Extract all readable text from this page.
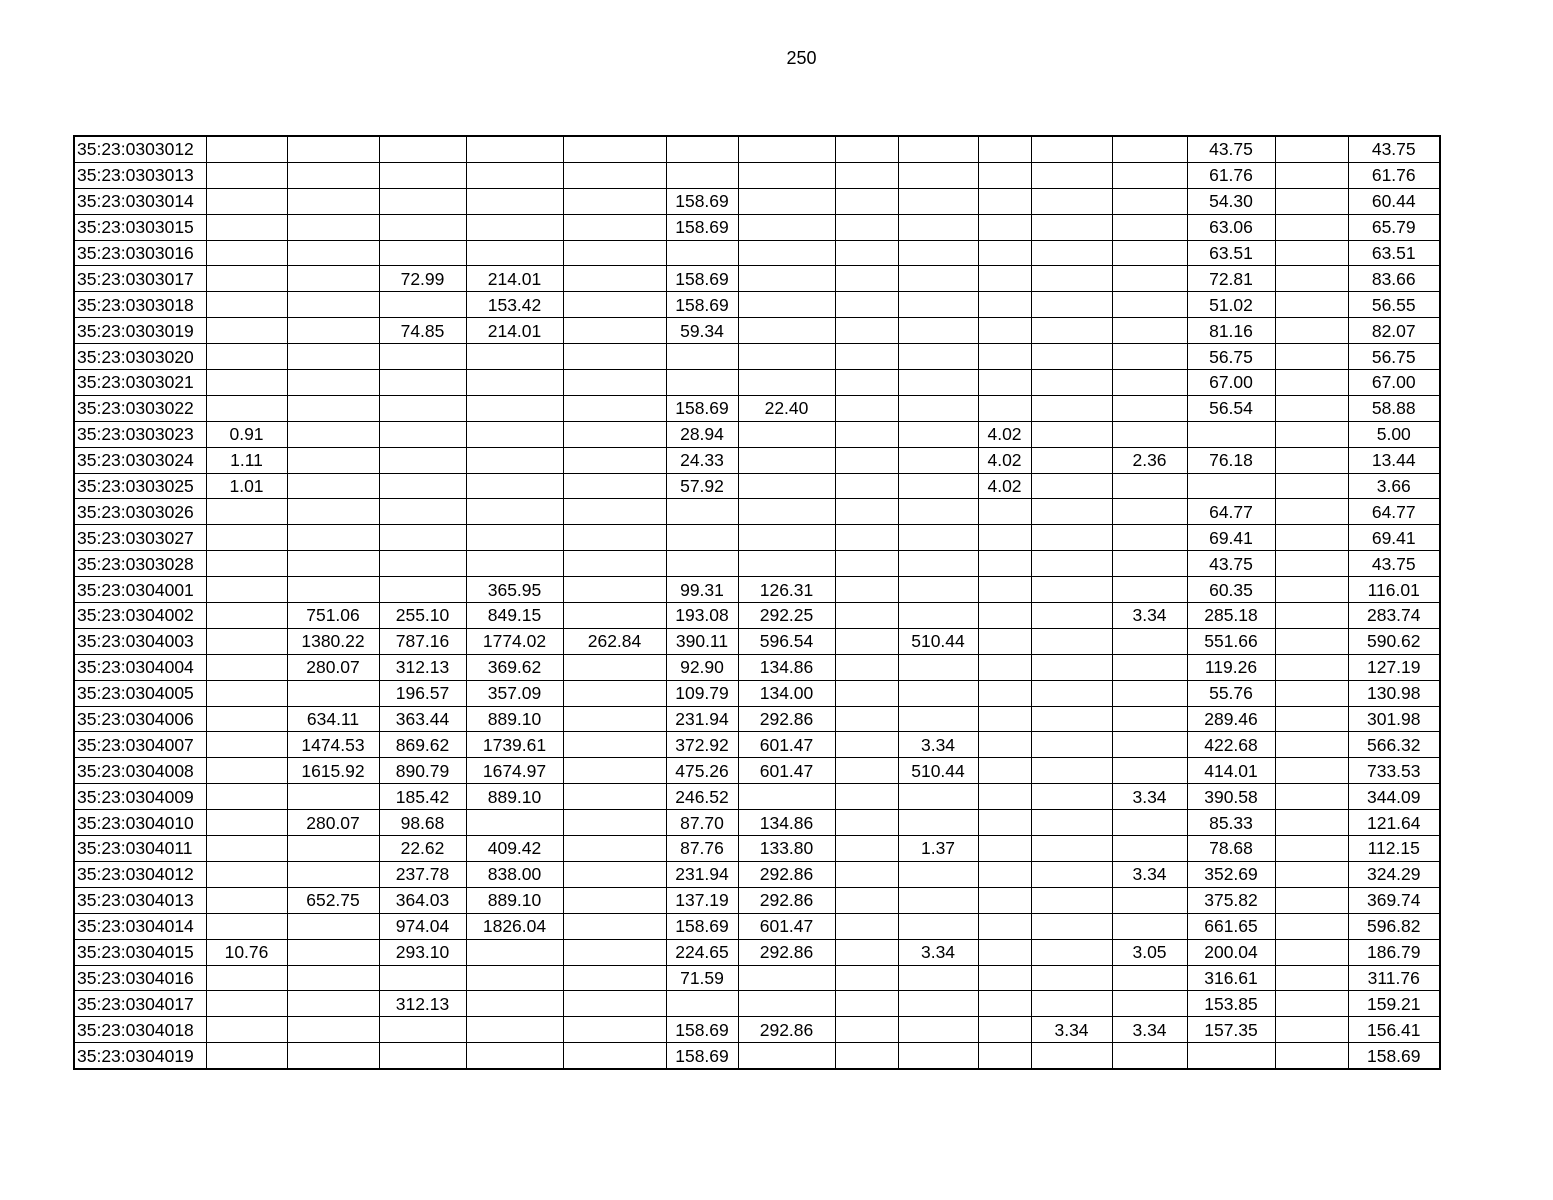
250
35:23:0303012													43.75		43.75
35:23:0303013													61.76		61.76
35:23:0303014						158.69							54.30		60.44
35:23:0303015						158.69							63.06		65.79
35:23:0303016													63.51		63.51
35:23:0303017			72.99	214.01		158.69							72.81		83.66
35:23:0303018				153.42		158.69							51.02		56.55
35:23:0303019			74.85	214.01		59.34							81.16		82.07
35:23:0303020													56.75		56.75
35:23:0303021													67.00		67.00
35:23:0303022						158.69	22.40						56.54		58.88
35:23:0303023	0.91					28.94				4.02					5.00
35:23:0303024	1.11					24.33				4.02		2.36	76.18		13.44
35:23:0303025	1.01					57.92				4.02					3.66
35:23:0303026													64.77		64.77
35:23:0303027													69.41		69.41
35:23:0303028													43.75		43.75
35:23:0304001				365.95		99.31	126.31						60.35		116.01
35:23:0304002		751.06	255.10	849.15		193.08	292.25					3.34	285.18		283.74
35:23:0304003		1380.22	787.16	1774.02	262.84	390.11	596.54		510.44				551.66		590.62
35:23:0304004		280.07	312.13	369.62		92.90	134.86						119.26		127.19
35:23:0304005			196.57	357.09		109.79	134.00						55.76		130.98
35:23:0304006		634.11	363.44	889.10		231.94	292.86						289.46		301.98
35:23:0304007		1474.53	869.62	1739.61		372.92	601.47		3.34				422.68		566.32
35:23:0304008		1615.92	890.79	1674.97		475.26	601.47		510.44				414.01		733.53
35:23:0304009			185.42	889.10		246.52						3.34	390.58		344.09
35:23:0304010		280.07	98.68			87.70	134.86						85.33		121.64
35:23:0304011			22.62	409.42		87.76	133.80		1.37				78.68		112.15
35:23:0304012			237.78	838.00		231.94	292.86					3.34	352.69		324.29
35:23:0304013		652.75	364.03	889.10		137.19	292.86						375.82		369.74
35:23:0304014			974.04	1826.04		158.69	601.47						661.65		596.82
35:23:0304015	10.76		293.10			224.65	292.86		3.34			3.05	200.04		186.79
35:23:0304016						71.59							316.61		311.76
35:23:0304017			312.13										153.85		159.21
35:23:0304018						158.69	292.86				3.34	3.34	157.35		156.41
35:23:0304019						158.69									158.69
